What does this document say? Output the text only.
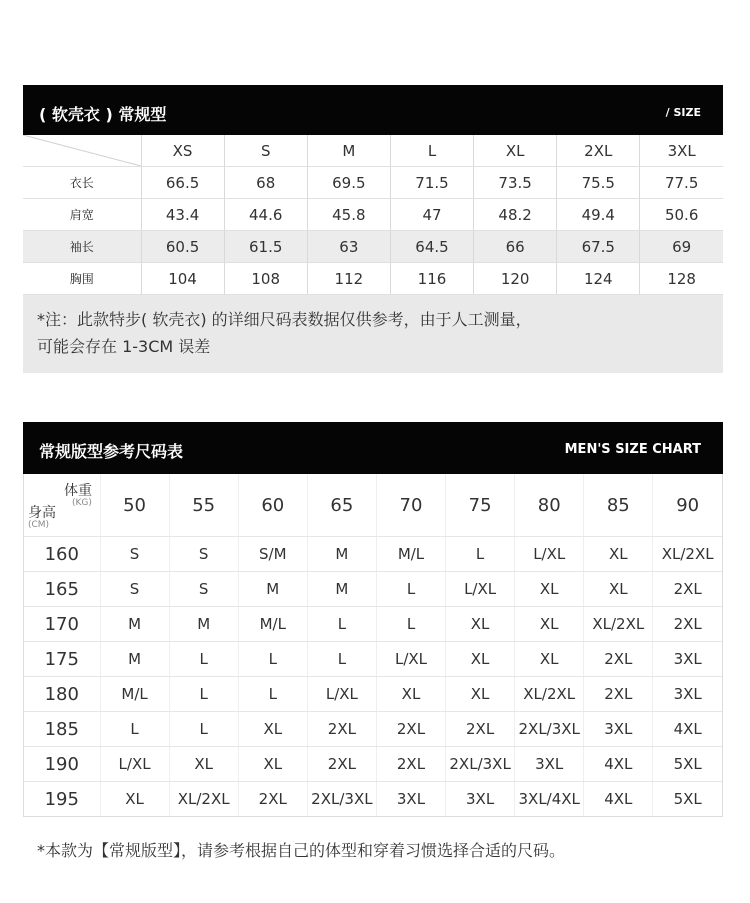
( 软壳衣 ) 常规型	/ SIZE
	XS	S	M	L	XL	2XL	3XL
衣长	66.5	68	69.5	71.5	73.5	75.5	77.5
肩宽	43.4	44.6	45.8	47	48.2	49.4	50.6
袖长	60.5	61.5	63	64.5	66	67.5	69
胸围	104	108	112	116	120	124	128
*注：此款特步( 软壳衣) 的详细尺码表数据仅供参考，由于人工测量，
可能会存在 1-3CM 误差
常规版型参考尺码表	MEN'S SIZE CHART
体重
(KG)
身高
(CM)	50	55	60	65	70	75	80	85	90
160	S	S	S/M	M	M/L	L	L/XL	XL	XL/2XL
165	S	S	M	M	L	L/XL	XL	XL	2XL
170	M	M	M/L	L	L	XL	XL	XL/2XL	2XL
175	M	L	L	L	L/XL	XL	XL	2XL	3XL
180	M/L	L	L	L/XL	XL	XL	XL/2XL	2XL	3XL
185	L	L	XL	2XL	2XL	2XL	2XL/3XL	3XL	4XL
190	L/XL	XL	XL	2XL	2XL	2XL/3XL	3XL	4XL	5XL
195	XL	XL/2XL	2XL	2XL/3XL	3XL	3XL	3XL/4XL	4XL	5XL
*本款为【常规版型】，请参考根据自己的体型和穿着习惯选择合适的尺码。
